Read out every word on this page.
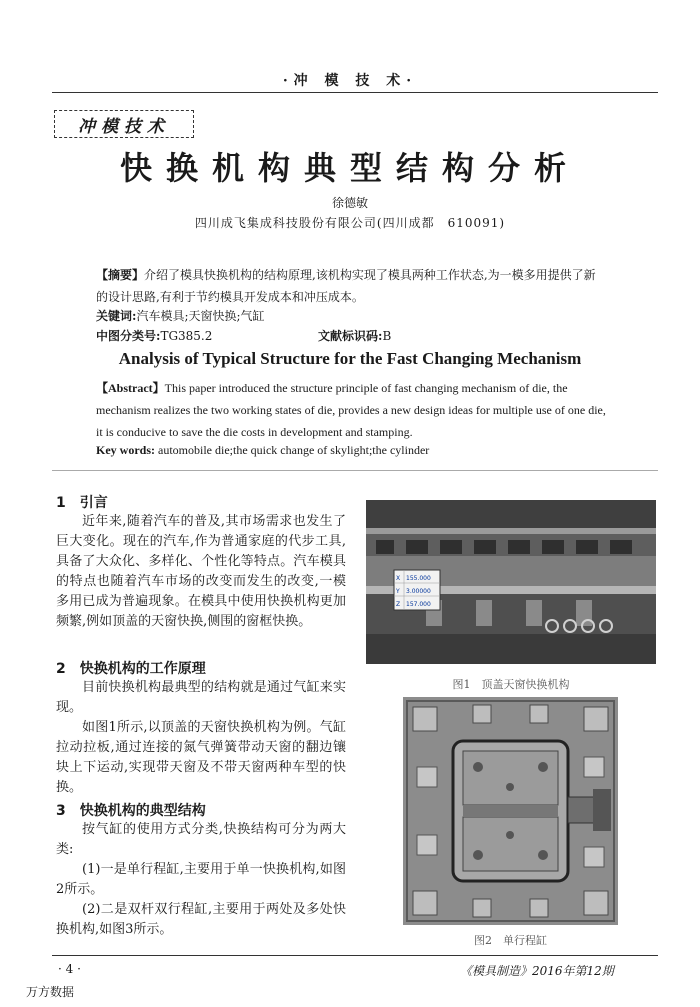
·冲 模 技 术·
冲模技术
快换机构典型结构分析
徐德敏
四川成飞集成科技股份有限公司(四川成都　610091)
【摘要】介绍了模具快换机构的结构原理,该机构实现了模具两种工作状态,为一模多用提供了新的设计思路,有利于节约模具开发成本和冲压成本。
关键词:汽车模具;天窗快换;气缸
中图分类号:TG385.2	文献标识码:B
Analysis of Typical Structure for the Fast Changing Mechanism
【Abstract】This paper introduced the structure principle of fast changing mechanism of die, the mechanism realizes the two working states of die, provides a new design ideas for multiple use of one die, it is conducive to save the die costs in development and stamping.
Key words: automobile die;the quick change of skylight;the cylinder
1　引言

近年来,随着汽车的普及,其市场需求也发生了巨大变化。现在的汽车,作为普通家庭的代步工具,具备了大众化、多样化、个性化等特点。汽车模具的特点也随着汽车市场的改变而发生的改变,一模多用已成为普遍现象。在模具中使用快换机构更加频繁,例如顶盖的天窗快换,侧围的窗框快换。

2　快换机构的工作原理

目前快换机构最典型的结构就是通过气缸来实现。

如图1所示,以顶盖的天窗快换机构为例。气缸拉动拉板,通过连接的氮气弹簧带动天窗的翻边镶块上下运动,实现带天窗及不带天窗两种车型的快换。

3　快换机构的典型结构

按气缸的使用方式分类,快换结构可分为两大类:

(1)一是单行程缸,主要用于单一快换机构,如图2所示。

(2)二是双杆双行程缸,主要用于两处及多处快换机构,如图3所示。

X
Y
Z
155.000
3.00000
157.000
图1　顶盖天窗快换机构
图2　单行程缸
· 4 ·	《模具制造》2016年第12期
万方数据
